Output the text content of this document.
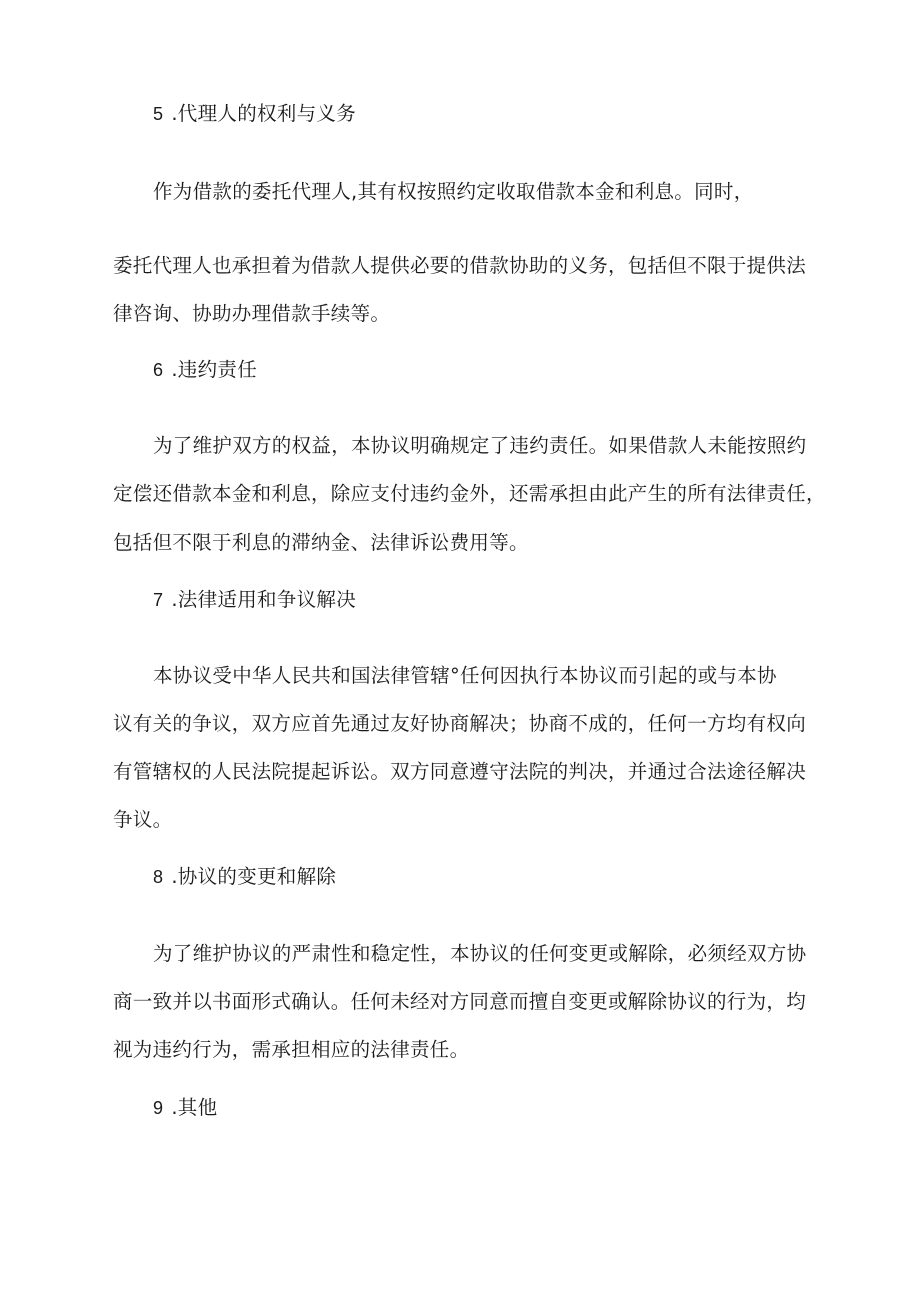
5 .代理人的权利与义务

作为借款的委托代理人,其有权按照约定收取借款本金和利息。同时，

委托代理人也承担着为借款人提供必要的借款协助的义务，包括但不限于提供法

律咨询、协助办理借款手续等。

6 .违约责任

为了维护双方的权益，本协议明确规定了违约责任。如果借款人未能按照约

定偿还借款本金和利息，除应支付违约金外，还需承担由此产生的所有法律责任，

包括但不限于利息的滞纳金、法律诉讼费用等。

7 .法律适用和争议解决

本协议受中华人民共和国法律管辖°任何因执行本协议而引起的或与本协

议有关的争议，双方应首先通过友好协商解决；协商不成的，任何一方均有权向

有管辖权的人民法院提起诉讼。双方同意遵守法院的判决，并通过合法途径解决

争议。

8 .协议的变更和解除

为了维护协议的严肃性和稳定性，本协议的任何变更或解除，必须经双方协

商一致并以书面形式确认。任何未经对方同意而擅自变更或解除协议的行为，均

视为违约行为，需承担相应的法律责任。

9 .其他
